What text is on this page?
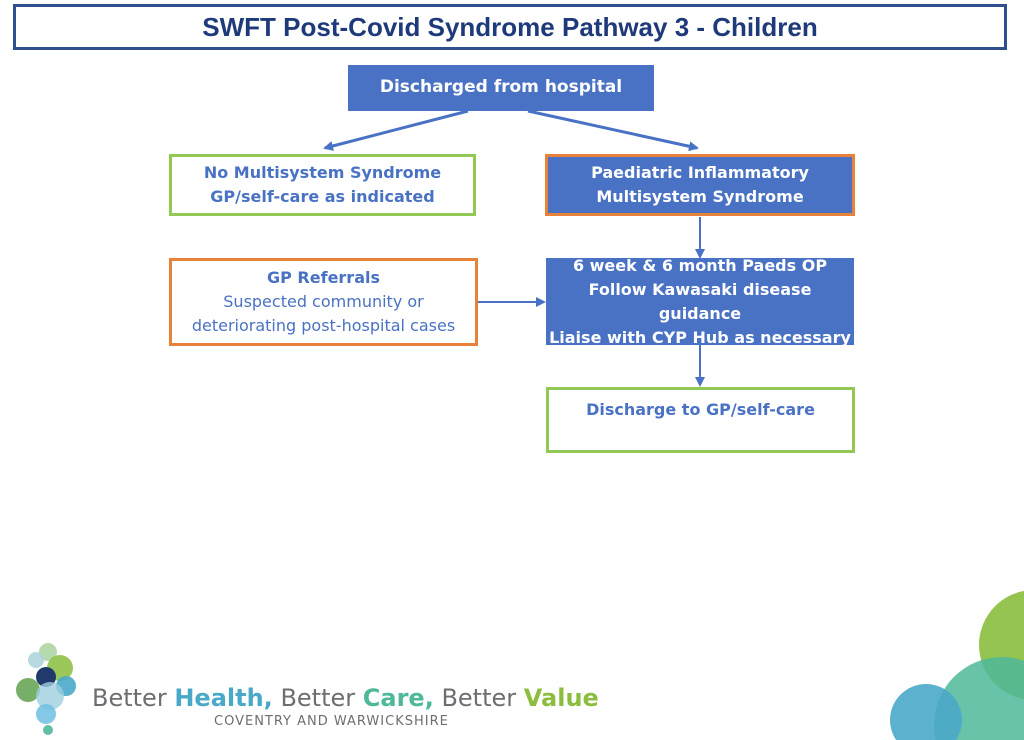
SWFT Post-Covid Syndrome Pathway 3 - Children
Discharged from hospital
No Multisystem Syndrome
GP/self-care as indicated
Paediatric Inflammatory
Multisystem Syndrome
GP Referrals
Suspected community or
deteriorating post-hospital cases
6 week & 6 month Paeds OP
Follow Kawasaki disease guidance
Liaise with CYP Hub as necessary
Discharge to GP/self-care
Better Health, Better Care, Better Value
COVENTRY AND WARWICKSHIRE
